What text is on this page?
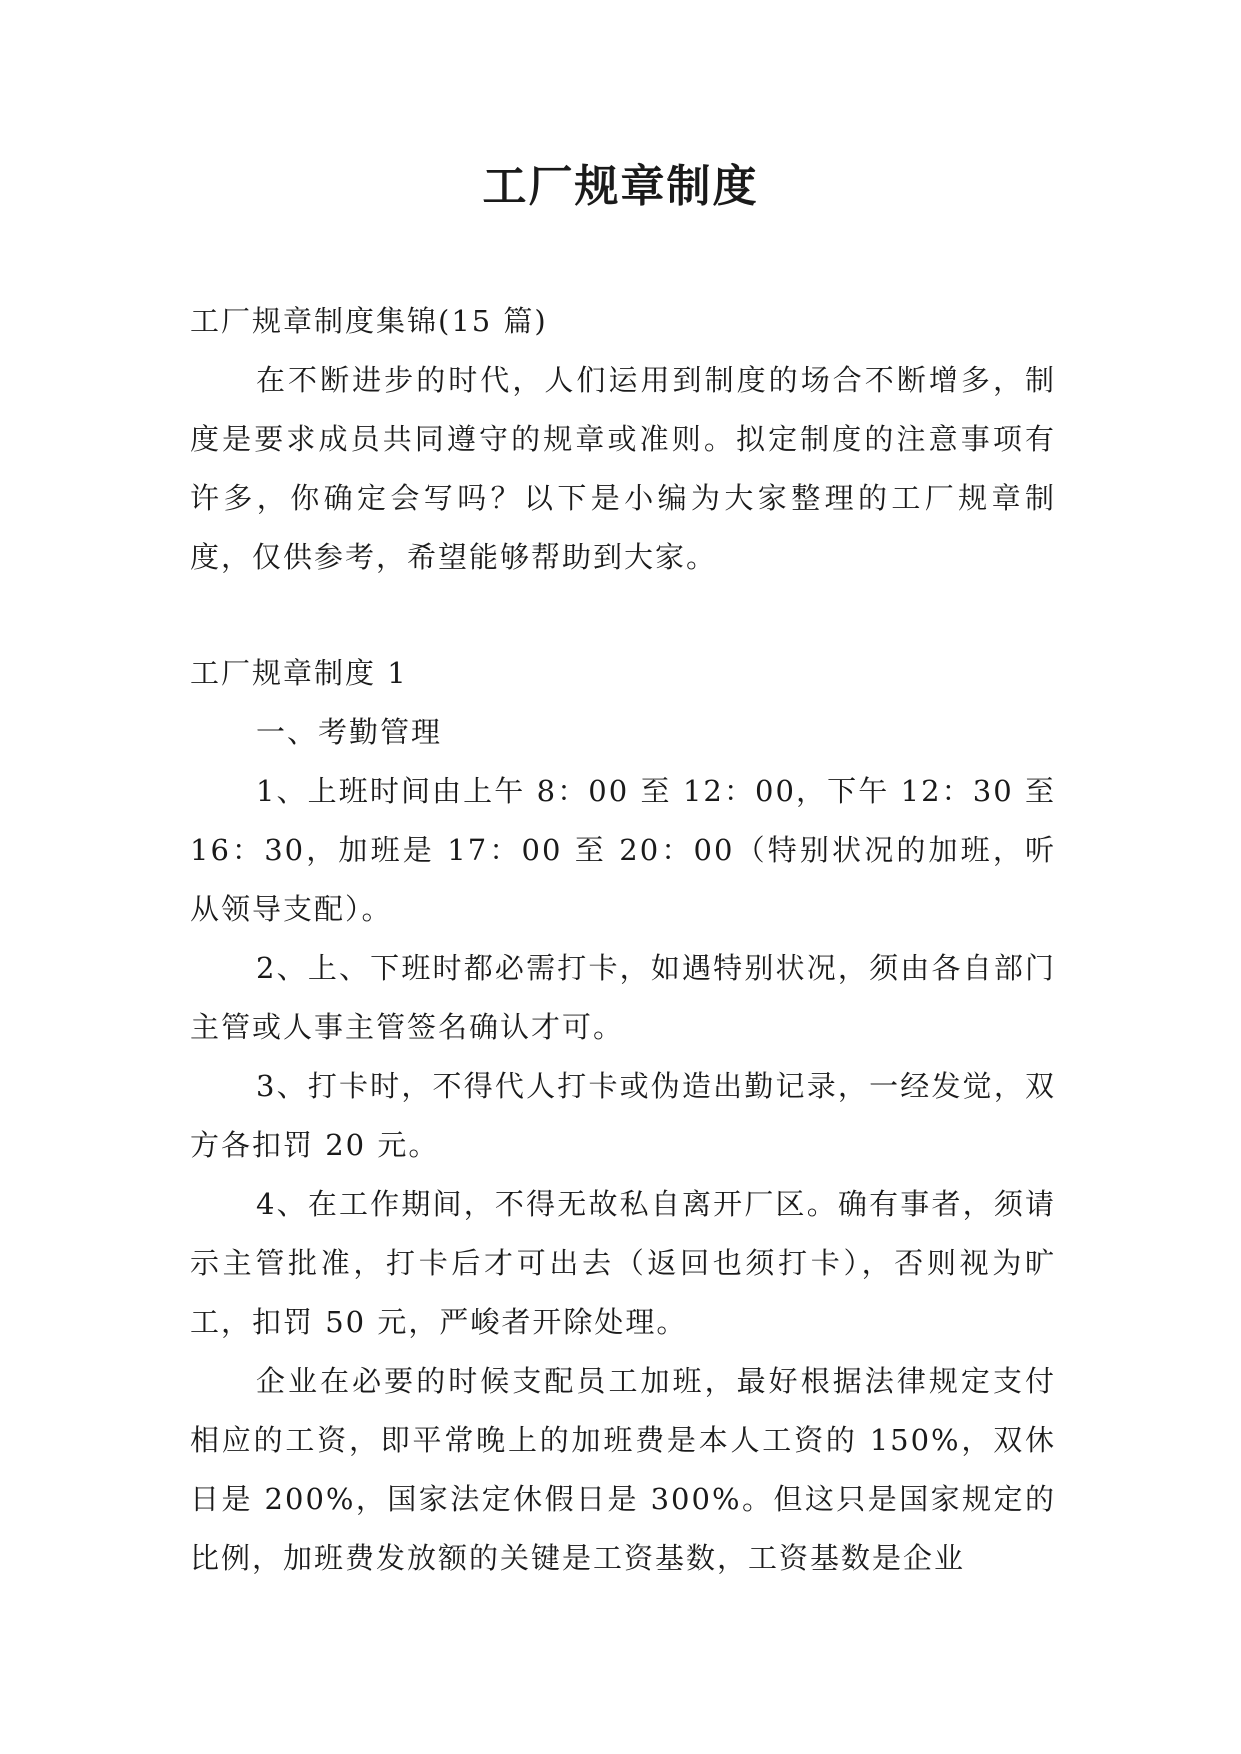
工厂规章制度

工厂规章制度集锦(15 篇)

在不断进步的时代，人们运用到制度的场合不断增多，制度是要求成员共同遵守的规章或准则。拟定制度的注意事项有许多，你确定会写吗？以下是小编为大家整理的工厂规章制度，仅供参考，希望能够帮助到大家。

工厂规章制度 1

一、考勤管理

1、上班时间由上午 8：00 至 12：00，下午 12：30 至 16：30，加班是 17：00 至 20：00（特别状况的加班，听从领导支配）。

2、上、下班时都必需打卡，如遇特别状况，须由各自部门主管或人事主管签名确认才可。

3、打卡时，不得代人打卡或伪造出勤记录，一经发觉，双方各扣罚 20 元。

4、在工作期间，不得无故私自离开厂区。确有事者，须请示主管批准，打卡后才可出去（返回也须打卡），否则视为旷工，扣罚 50 元，严峻者开除处理。

企业在必要的时候支配员工加班，最好根据法律规定支付相应的工资，即平常晚上的加班费是本人工资的 150%，双休日是 200%，国家法定休假日是 300%。但这只是国家规定的比例，加班费发放额的关键是工资基数，工资基数是企业
